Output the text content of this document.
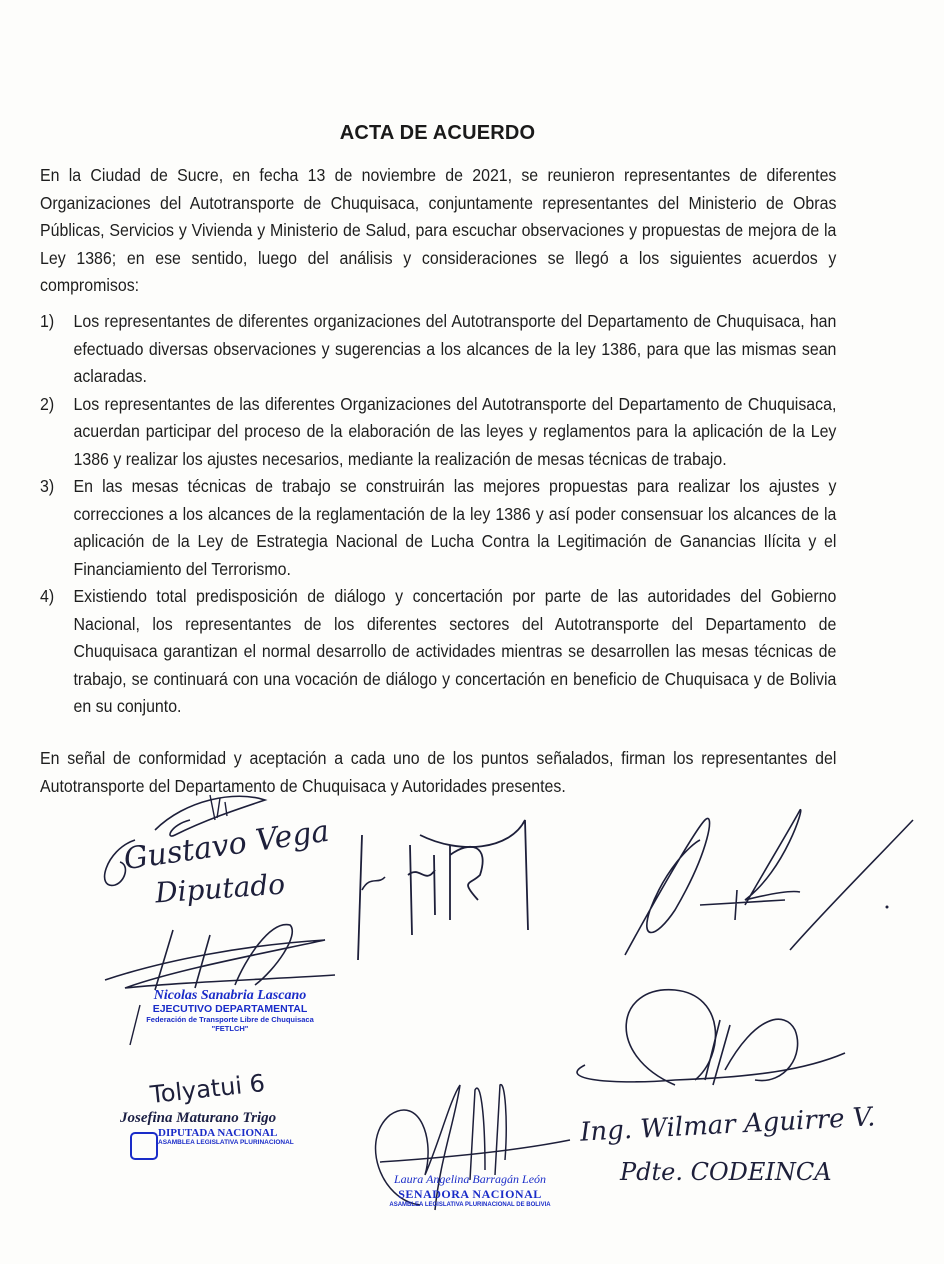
ACTA DE ACUERDO

En la Ciudad de Sucre, en fecha 13 de noviembre de 2021, se reunieron representantes de diferentes Organizaciones del Autotransporte de Chuquisaca, conjuntamente representantes del Ministerio de Obras Públicas, Servicios y Vivienda y Ministerio de Salud, para escuchar observaciones y propuestas de mejora de la Ley 1386; en ese sentido, luego del análisis y consideraciones se llegó a los siguientes acuerdos y compromisos:

1) Los representantes de diferentes organizaciones del Autotransporte del Departamento de Chuquisaca, han efectuado diversas observaciones y sugerencias a los alcances de la ley 1386, para que las mismas sean aclaradas.
2) Los representantes de las diferentes Organizaciones del Autotransporte del Departamento de Chuquisaca, acuerdan participar del proceso de la elaboración de las leyes y reglamentos para la aplicación de la Ley 1386 y realizar los ajustes necesarios, mediante la realización de mesas técnicas de trabajo.
3) En las mesas técnicas de trabajo se construirán las mejores propuestas para realizar los ajustes y correcciones a los alcances de la reglamentación de la ley 1386 y así poder consensuar los alcances de la aplicación de la Ley de Estrategia Nacional de Lucha Contra la Legitimación de Ganancias Ilícita y el Financiamiento del Terrorismo.
4) Existiendo total predisposición de diálogo y concertación por parte de las autoridades del Gobierno Nacional, los representantes de los diferentes sectores del Autotransporte del Departamento de Chuquisaca garantizan el normal desarrollo de actividades mientras se desarrollen las mesas técnicas de trabajo, se continuará con una vocación de diálogo y concertación en beneficio de Chuquisaca y de Bolivia en su conjunto.

En señal de conformidad y aceptación a cada uno de los puntos señalados, firman los representantes del Autotransporte del Departamento de Chuquisaca y Autoridades presentes.

Gustavo Vega
Diputado
Nicolas Sanabria Lascano
EJECUTIVO DEPARTAMENTAL
Federación de Transporte Libre de Chuquisaca
"FETLCH"
Tolyatui 6
Josefina Maturano Trigo
DIPUTADA NACIONAL
ASAMBLEA LEGISLATIVA PLURINACIONAL
Laura Angelina Barragán León
SENADORA NACIONAL
ASAMBLEA LEGISLATIVA PLURINACIONAL DE BOLIVIA
Ing. Wilmar Aguirre V.
Pdte. CODEINCA
